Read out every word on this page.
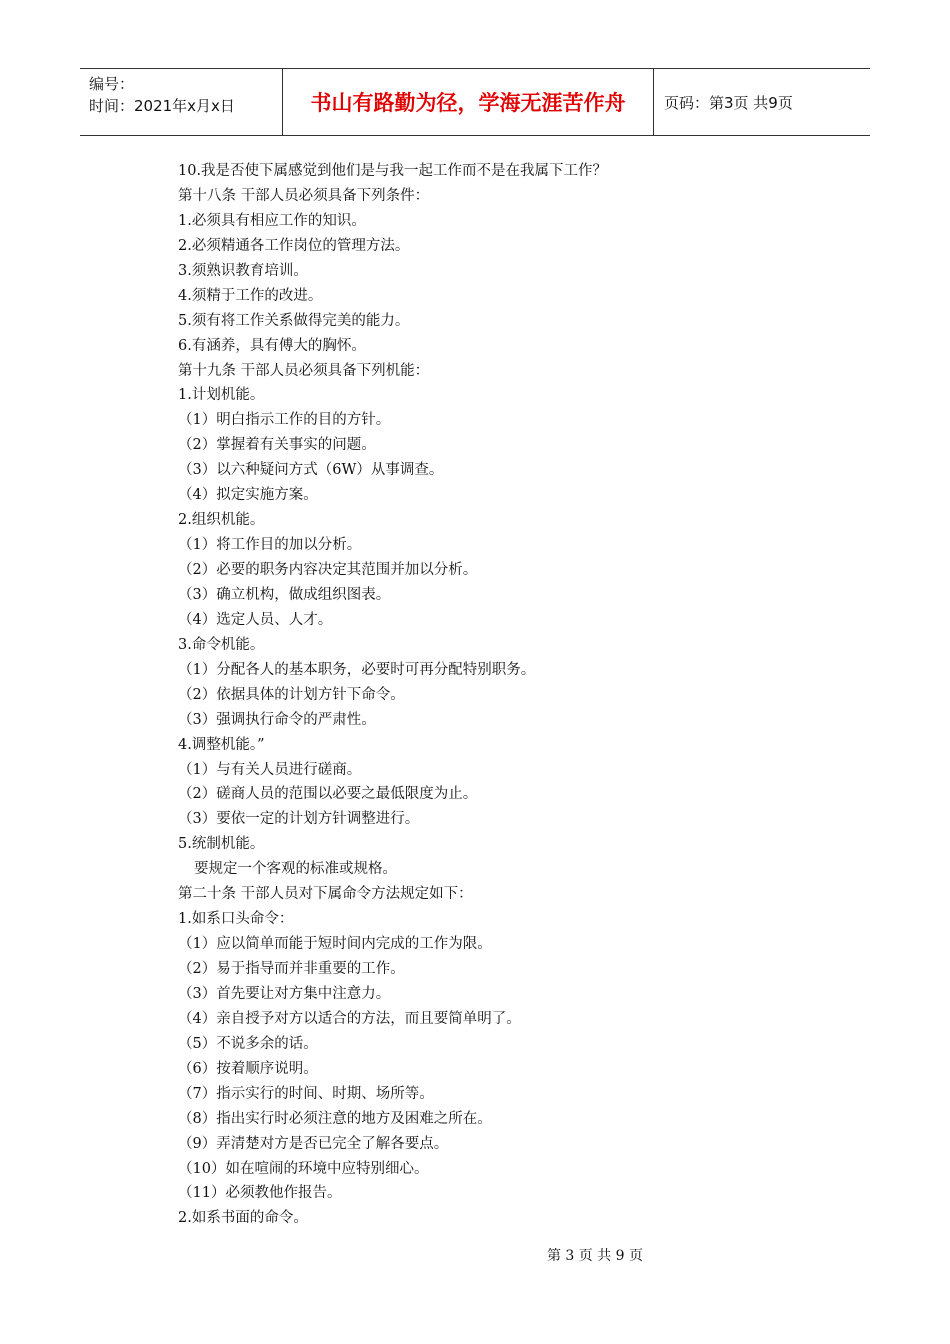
编号：
时间：2021年x月x日	书山有路勤为径，学海无涯苦作舟	页码：第3页 共9页
10.我是否使下属感觉到他们是与我一起工作而不是在我属下工作？
第十八条 干部人员必须具备下列条件：
1.必须具有相应工作的知识。
2.必须精通各工作岗位的管理方法。
3.须熟识教育培训。
4.须精于工作的改进。
5.须有将工作关系做得完美的能力。
6.有涵养，具有傅大的胸怀。
第十九条 干部人员必须具备下列机能：
1.计划机能。
（1）明白指示工作的目的方针。
（2）掌握着有关事实的问题。
（3）以六种疑问方式（6W）从事调查。
（4）拟定实施方案。
2.组织机能。
（1）将工作目的加以分析。
（2）必要的职务内容决定其范围并加以分析。
（3）确立机构，做成组织图表。
（4）选定人员、人才。
3.命令机能。
（1）分配各人的基本职务，必要时可再分配特别职务。
（2）依据具体的计划方针下命令。
（3）强调执行命令的严肃性。
4.调整机能。”
（1）与有关人员进行磋商。
（2）磋商人员的范围以必要之最低限度为止。
（3）要依一定的计划方针调整进行。
5.统制机能。
要规定一个客观的标准或规格。
第二十条 干部人员对下属命令方法规定如下：
1.如系口头命令：
（1）应以简单而能于短时间内完成的工作为限。
（2）易于指导而并非重要的工作。
（3）首先要让对方集中注意力。
（4）亲自授予对方以适合的方法，而且要简单明了。
（5）不说多余的话。
（6）按着顺序说明。
（7）指示实行的时间、时期、场所等。
（8）指出实行时必须注意的地方及困难之所在。
（9）弄清楚对方是否已完全了解各要点。
（10）如在喧闹的环境中应特别细心。
（11）必须教他作报告。
2.如系书面的命令。
第 3 页 共 9 页
